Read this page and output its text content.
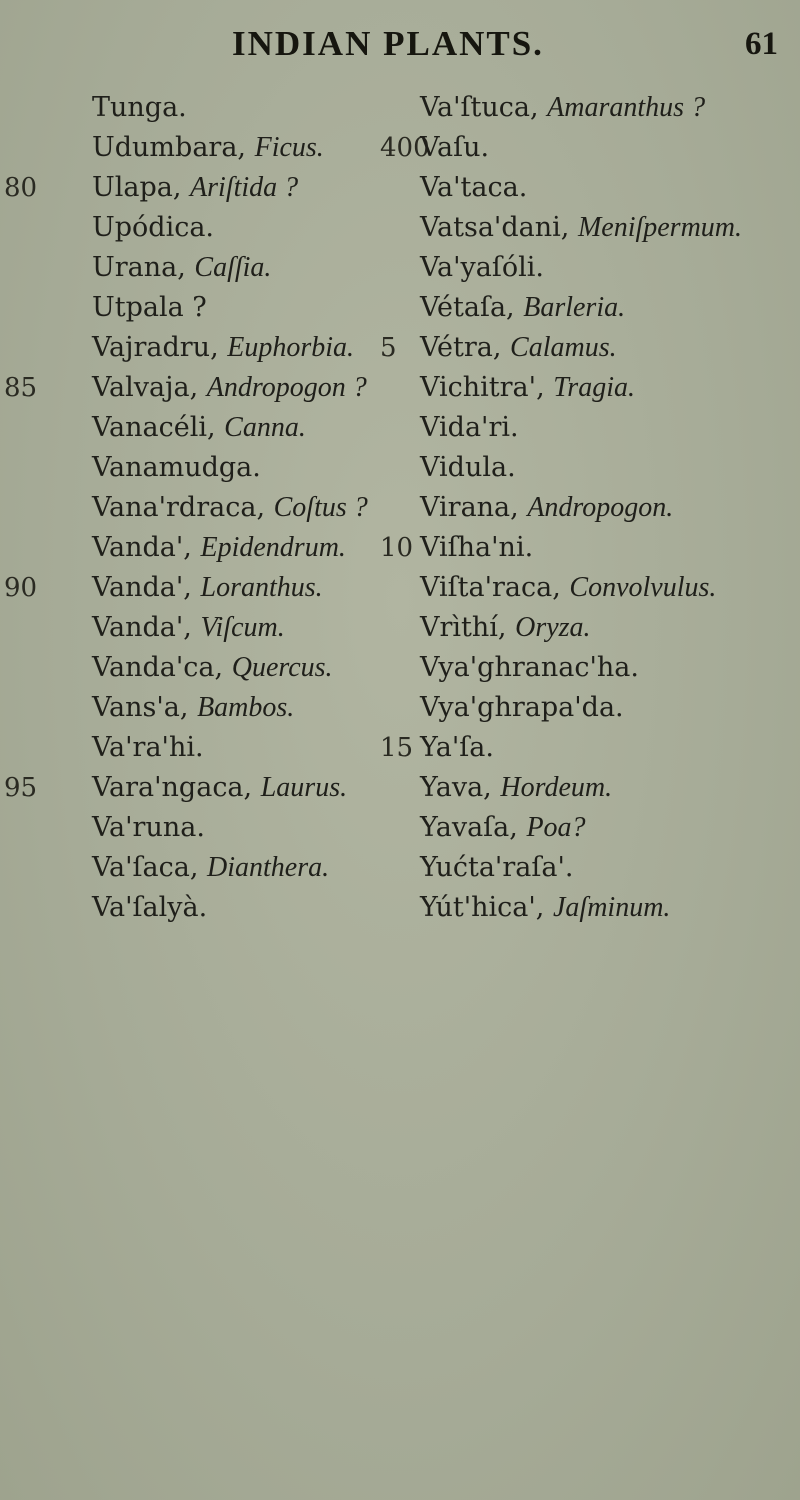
INDIAN PLANTS.	61
Tunga.
Udumbara, Ficus.
80 Ulapa, Ariſtida ?
Upódica.
Urana, Caſſia.
Utpala ?
Vajradru, Euphorbia.
85 Valvaja, Andropogon ?
Vanacéli, Canna.
Vanamudga.
Vana'rdraca, Coſtus ?
Vanda', Epidendrum.
90 Vanda', Loranthus.
Vanda', Viſcum.
Vanda'ca, Quercus.
Vans'a, Bambos.
Va'ra'hi.
95 Vara'ngaca, Laurus.
Va'runa.
Va'ſaca, Dianthera.
Va'ſalyà.
Va'ſtuca, Amaranthus ?
400
Vaſu.
Va'taca.
Vatsa'dani, Meniſpermum.
Va'yaſóli.
Vétaſa, Barleria.
5 Vétra, Calamus.
Vichitra', Tragia.
Vida'ri.
Vidula.
Virana, Andropogon.
10 Viſha'ni.
Viſta'raca, Convolvulus.
Vrìthí, Oryza.
Vya'ghranac'ha.
Vya'ghrapa'da.
15 Ya'ſa.
Yava, Hordeum.
Yavaſa, Poa?
Yućta'raſa'.
Yút'hica', Jaſminum.
